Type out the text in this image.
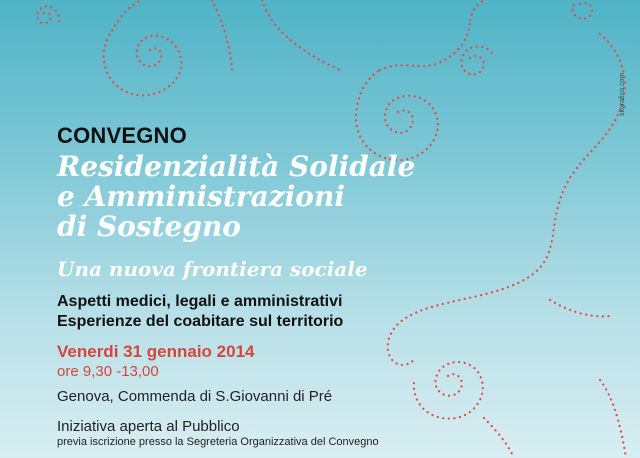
CONVEGNO
Residenzialità Solidale
e Amministrazioni
di Sostegno
Una nuova frontiera sociale
Aspetti medici, legali e amministrativi
Esperienze del coabitare sul territorio
Venerdi 31 gennaio 2014
ore 9,30 -13,00
Genova, Commenda di S.Giovanni di Pré
Iniziativa aperta al Pubblico
previa iscrizione presso la Segreteria Organizzativa del Convegno
skgrafica.com
